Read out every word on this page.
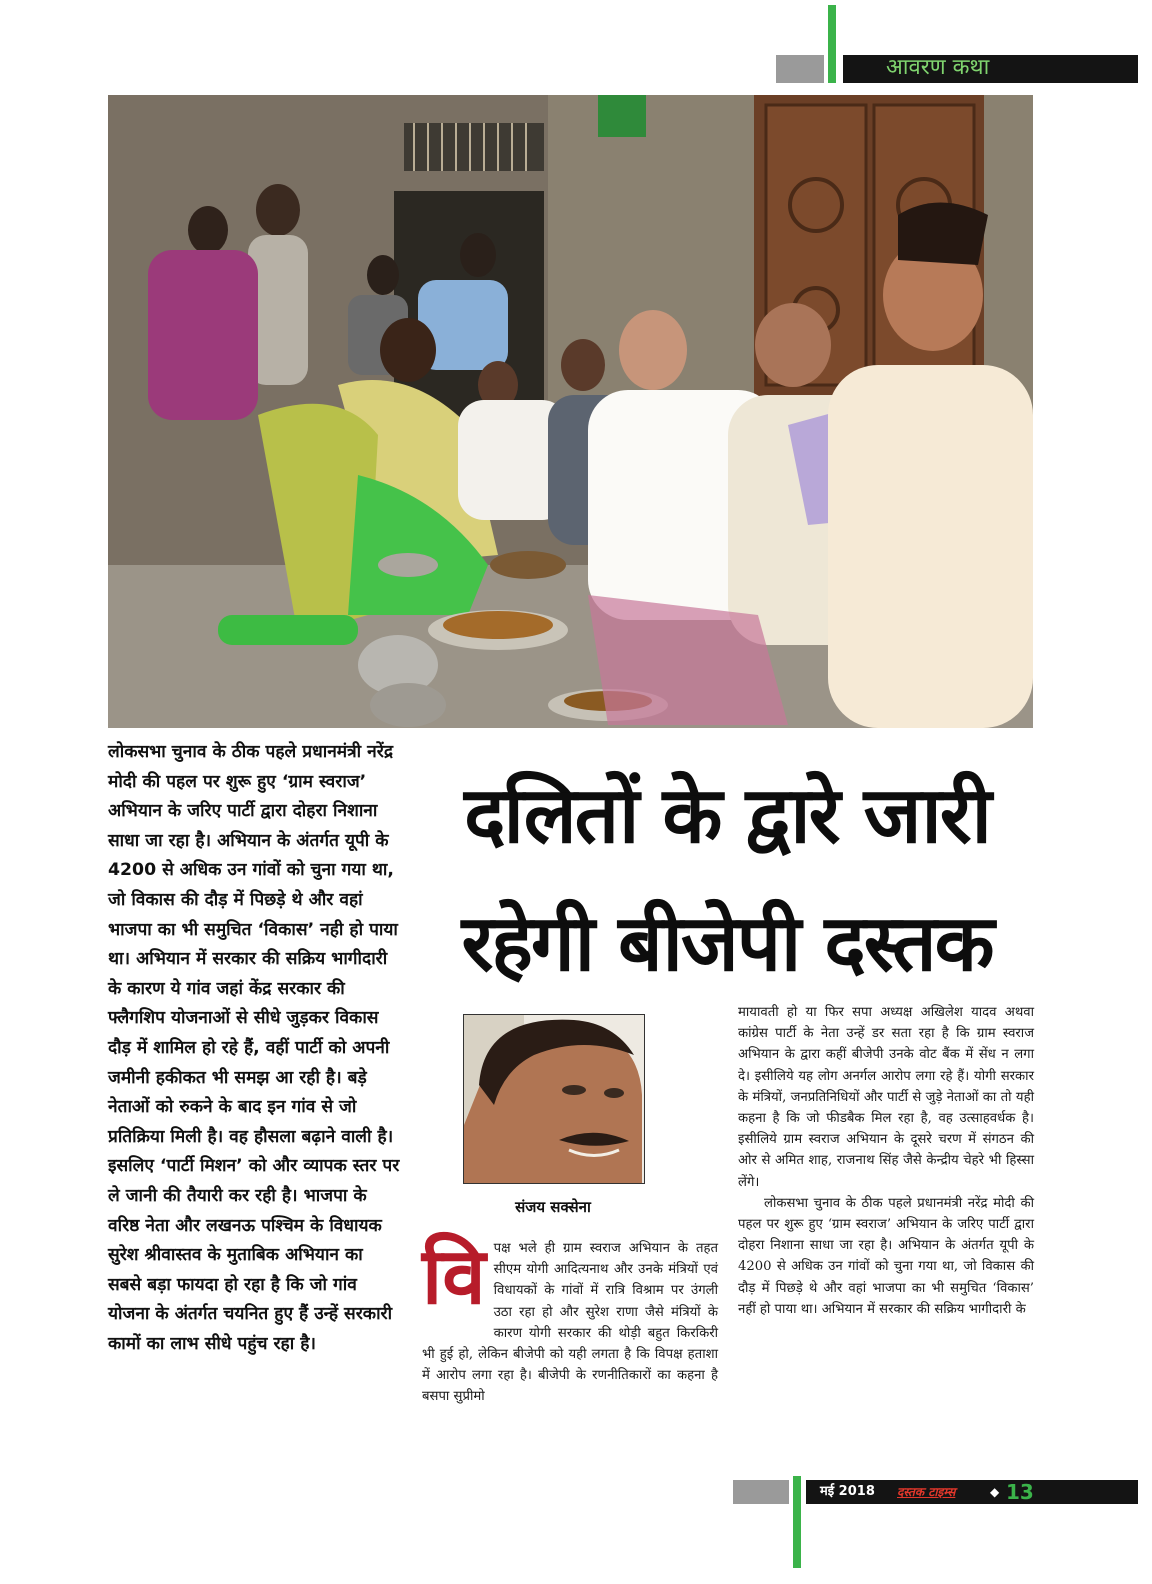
आवरण कथा

लोकसभा चुनाव के ठीक पहले प्रधानमंत्री नरेंद्र मोदी की पहल पर शुरू हुए ‘ग्राम स्वराज’ अभियान के जरिए पार्टी द्वारा दोहरा निशाना साधा जा रहा है। अभियान के अंतर्गत यूपी के 4200 से अधिक उन गांवों को चुना गया था, जो विकास की दौड़ में पिछड़े थे और वहां भाजपा का भी समुचित ‘विकास’ नही हो पाया था। अभियान में सरकार की सक्रिय भागीदारी के कारण ये गांव जहां केंद्र सरकार की फ्लैगशिप योजनाओं से सीधे जुड़कर विकास दौड़ में शामिल हो रहे हैं, वहीं पार्टी को अपनी जमीनी हकीकत भी समझ आ रही है। बड़े नेताओं को रुकने के बाद इन गांव से जो प्रतिक्रिया मिली है। वह हौसला बढ़ाने वाली है। इसलिए ‘पार्टी मिशन’ को और व्यापक स्तर पर ले जानी की तैयारी कर रही है। भाजपा के वरिष्ठ नेता और लखनऊ पश्चिम के विधायक सुरेश श्रीवास्तव के मुताबिक अभियान का सबसे बड़ा फायदा हो रहा है कि जो गांव योजना के अंतर्गत चयनित हुए हैं उन्हें सरकारी कामों का लाभ सीधे पहुंच रहा है।

दलितों के द्वारे जारी
रहेगी बीजेपी दस्तक
संजय सक्सेना
वि पक्ष भले ही ग्राम स्वराज अभियान के तहत सीएम योगी आदित्यनाथ और उनके मंत्रियों एवं विधायकों के गांवों में रात्रि विश्राम पर उंगली उठा रहा हो और सुरेश राणा जैसे मंत्रियों के कारण योगी सरकार की थोड़ी बहुत किरकिरी भी हुई हो, लेकिन बीजेपी को यही लगता है कि विपक्ष हताशा में आरोप लगा रहा है। बीजेपी के रणनीतिकारों का कहना है बसपा सुप्रीमो

मायावती हो या फिर सपा अध्यक्ष अखिलेश यादव अथवा कांग्रेस पार्टी के नेता उन्हें डर सता रहा है कि ग्राम स्वराज अभियान के द्वारा कहीं बीजेपी उनके वोट बैंक में सेंध न लगा दे। इसीलिये यह लोग अनर्गल आरोप लगा रहे हैं। योगी सरकार के मंत्रियों, जनप्रतिनिधियों और पार्टी से जुड़े नेताओं का तो यही कहना है कि जो फीडबैक मिल रहा है, वह उत्साहवर्धक है। इसीलिये ग्राम स्वराज अभियान के दूसरे चरण में संगठन की ओर से अमित शाह, राजनाथ सिंह जैसे केन्द्रीय चेहरे भी हिस्सा लेंगे।

लोकसभा चुनाव के ठीक पहले प्रधानमंत्री नरेंद्र मोदी की पहल पर शुरू हुए ‘ग्राम स्वराज’ अभियान के जरिए पार्टी द्वारा दोहरा निशाना साधा जा रहा है। अभियान के अंतर्गत यूपी के 4200 से अधिक उन गांवों को चुना गया था, जो विकास की दौड़ में पिछड़े थे और वहां भाजपा का भी समुचित ‘विकास’ नहीं हो पाया था। अभियान में सरकार की सक्रिय भागीदारी के

मई 2018 दस्तक टाइम्स	◆ 13
